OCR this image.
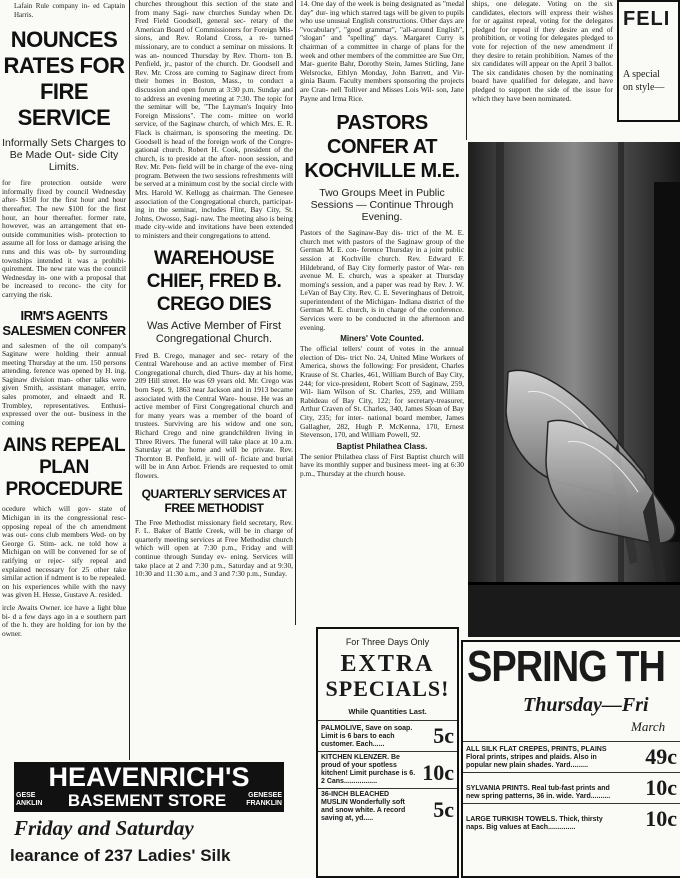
Lafain Rule company in- ed Captain Harris.
NOUNCES RATES FOR FIRE SERVICE
Informally Sets Charges to Be Made Out- side City Limits.
for fire protection outside were informally fixed by council Wednesday after- $150 for the first hour and hour thereafter. The new $100 for the first hour, an hour thereafter. former rate, however, was an arrangement that en- outside communities wish- protection to assume all for loss or damage arising the runs and this was ob- by surrounding townships intended it was a prohibi- quirement. The new rate was the council Wednesday in- one with a proposal that be increased to reconc- the city for carrying the risk.
IRM'S AGENTS SALESMEN CONFER
and salesmen of the oil company's Saginaw were holding their annual meeting Thursday at the um. 150 persons attending. ference was opened by H. ing, Saginaw division man- other talks were given Smith, assistant manager, errin, sales promoter, and elnaedt and R. Trombley, representatives. Enthusi- expressed over the out- business in the coming
AINS REPEAL PLAN PROCEDURE
ocedure which will gov- state of Michigan in its the congressional resc- opposing repeal of the ch amendment was out- cons club members Wed- on by George G. Stim- ack. ne told how a Michigan on will be convened for se of ratifying or rejec- sify repeal and explained necessary for 25 other take similar action if ndment is to be repealed. on his experiences while with the navy was given H. Hesse, Gustave A. resided.
ircle Awaits Owner. ice have a light blue bi- d a few days ago in a e southern part of the h. they are holding for ion by the owner.
churches throughout this section of the state and from many Sagi- naw churches Sunday when Dr. Fred Field Goodsell, general sec- retary of the American Board of Commissioners for Foreign Mis- sions, and Rev. Roland Cross, a re- turned missionary, are to conduct a seminar on missions. It was an- nounced Thursday by Rev. Thorn- ton B. Penfield, jr., pastor of the church. Dr. Goodsell and Rev. Mr. Cross are coming to Saginaw direct from their homes in Boston, Mass., to conduct a discussion and open forum at 3:30 p.m. Sunday and to address an evening meeting at 7:30. The topic for the seminar will be, "The Layman's Inquiry Into Foreign Missions". The com- mittee on world service, of the Saginaw church, of which Mrs. E. R. Flack is chairman, is sponsoring the meeting. Dr. Goodsell is head of the foreign work of the Congre- gational church. Robert H. Cook, president of the church, is to preside at the after- noon session, and Rev. Mr. Pen- field will be in charge of the eve- ning program. Between the two sessions refreshments will be served at a minimum cost by the social circle with Mrs. Harold W. Kellogg as chairman. The Genesee association of the Congregational church, participat- ing in the seminar, includes Flint, Bay City, St. Johns, Owosso, Sagi- naw. The meeting also is being made city-wide and invitations have been extended to ministers and their congregations to attend.
WAREHOUSE CHIEF, FRED B. CREGO DIES
Was Active Member of First Congregational Church.
Fred B. Crego, manager and sec- retary of the Central Warehouse and an active member of First Congregational church, died Thurs- day at his home, 209 Hill street. He was 69 years old. Mr. Crego was born Sept. 9, 1863 near Jackson and in 1913 became associated with the Central Ware- house. He was an active member of First Congregational church and for many years was a member of the board of trustees. Surviving are his widow and one son, Richard Crego and nine grandchildren living in Three Rivers. The funeral will take place at 10 a.m. Saturday at the home and will be private. Rev. Thornton B. Penfield, jr. will of- ficiate and burial will be in Ann Arbor. Friends are requested to omit flowers.
QUARTERLY SERVICES AT FREE METHODIST
The Free Methodist missionary field secretary, Rev. F. L. Baker of Battle Creek, will be in charge of quarterly meeting services at Free Methodist church which will open at 7:30 p.m., Friday and will continue through Sunday ev- ening. Services will take place at 2 and 7:30 p.m., Saturday and at 9:30, 10:30 and 11:30 a.m., and 3 and 7:30 p.m., Sunday.
14. One day of the week is being designated as "medal day" dur- ing which starred tags will be given to pupils who use unusual English constructions. Other days are "vocabulary", "good grammar", "all-around English", "slogan" and "spelling" days. Margaret Curry is chairman of a committee in charge of plans for the week and other members of the committee are Sue Orr, Mar- guerite Bahr, Dorothy Stein, James Stirling, Jane Welsrocke, Ethlyn Monday, John Barrett, and Vir- ginia Baum. Faculty members sponsoring the projects are Cran- nell Tolliver and Misses Lois Wil- son, Jane Payne and Irma Rice.
PASTORS CONFER AT KOCHVILLE M.E.
Two Groups Meet in Public Sessions — Continue Through Evening.
Pastors of the Saginaw-Bay dis- trict of the M. E. church met with pastors of the Saginaw group of the German M. E. con- ference Thursday in a joint public session at Kochville church. Rev. Edward F. Hildebrand, of Bay City formerly pastor of War- ren avenue M. E. church, was a speaker at Thursday morning's session, and a paper was read by Rev. J. W. LeVan of Bay City. Rev. C. E. Severinghaus of Detroit, superintendent of the Michigan- Indiana district of the German M. E. church, is in charge of the conference. Services were to be conducted in the afternoon and evening.
Miners' Vote Counted.
The official tellers' count of votes in the annual election of Dis- trict No. 24, United Mine Workers of America, shows the following: For president, Charles Krause of St. Charles, 461, William Burch of Bay City, 244; for vice-president, Robert Scott of Saginaw, 259, Wil- liam Wilson of St. Charles, 259, and William Rabideau of Bay City, 122; for secretary-treasurer, Arthur Craven of St. Charles, 340, James Sloan of Bay City, 235; for inter- national board member, James Gallagher, 282, Hugh P. McKenna, 170, Ernest Stevenson, 170, and William Powell, 92.
Baptist Philathea Class.
The senior Philathea class of First Baptist church will have its monthly supper and business meet- ing at 6:30 p.m., Thursday at the church house.
ships, one delegate. Voting on the six candidates, electors will express their wishes for or against repeal, voting for the delegates pledged for repeal if they desire an end of prohibition, or voting for delegates pledged to vote for rejection of the new amendment if they desire to retain prohibition. Names of the six candidates will appear on the April 3 ballot. The six candidates chosen by the nominating board have qualified for delegate, and have pledged to support the side of the issue for which they have been nominated.
FELI
A special
on style—
HEAVENRICH'S
GESE
ANKLIN	BASEMENT STORE	GENESEE
FRANKLIN
Friday and Saturday
learance of 237 Ladies' Silk
For Three Days Only
EXTRA
SPECIALS!
While Quantities Last.
PALMOLIVE, Save on soap. Limit is 6 bars to each customer. Each......	5c
KITCHEN KLENZER. Be proud of your spotless kitchen! Limit purchase is 6. 2 Cans.................	10c
36-INCH BLEACHED MUSLIN Wonderfully soft and snow white. A record saving at, yd.....	5c
SPRING TH
Thursday—Fri
March
ALL SILK FLAT CREPES, PRINTS, PLAINS Floral prints, stripes and plaids. Also in popular new plain shades. Yard.........	49c
SYLVANIA PRINTS. Real tub-fast prints and new spring patterns, 36 in. wide. Yard..........	10c
LARGE TURKISH TOWELS. Thick, thirsty naps. Big values at Each..............	10c
